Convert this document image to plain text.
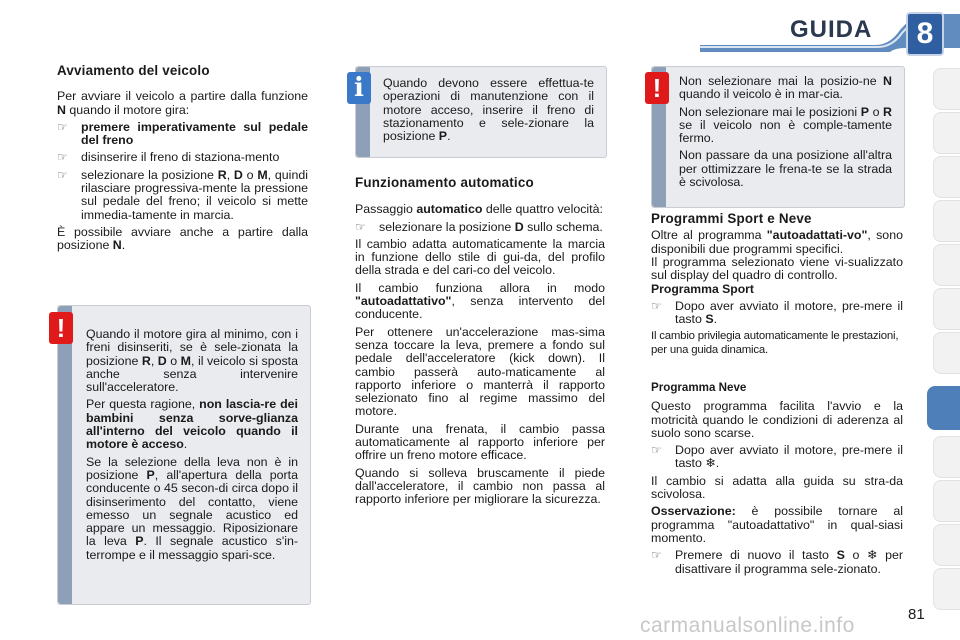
GUIDA	8
Avviamento del veicolo

Per avviare il veicolo a partire dalla funzione N quando il motore gira:

☞	premere imperativamente sul pedale del freno
☞	disinserire il freno di staziona-mento
☞	selezionare la posizione R, D o M, quindi rilasciare progressiva-mente la pressione sul pedale del freno; il veicolo si mette immedia-tamente in marcia.

È possibile avviare anche a partire dalla posizione N.

Quando il motore gira al minimo, con i freni disinseriti, se è sele-zionata la posizione R, D o M, il veicolo si sposta anche senza intervenire sull'acceleratore.

Per questa ragione, non lascia-re dei bambini senza sorve-glianza all'interno del veicolo quando il motore è acceso.

Se la selezione della leva non è in posizione P, all'apertura della porta conducente o 45 secon-di circa dopo il disinserimento del contatto, viene emesso un segnale acustico ed appare un messaggio. Riposizionare la leva P. Il segnale acustico s'in-terrompe e il messaggio spari-sce.

!

Quando devono essere effettua-te operazioni di manutenzione con il motore acceso, inserire il freno di stazionamento e sele-zionare la posizione P.

i
Funzionamento automatico

Passaggio automatico delle quattro velocità:

☞	selezionare la posizione D sullo schema.

Il cambio adatta automaticamente la marcia in funzione dello stile di gui-da, del profilo della strada e del cari-co del veicolo.

Il cambio funziona allora in modo "autoadattativo", senza intervento del conducente.

Per ottenere un'accelerazione mas-sima senza toccare la leva, premere a fondo sul pedale dell'acceleratore (kick down). Il cambio passerà auto-maticamente al rapporto inferiore o manterrà il rapporto selezionato fino al regime massimo del motore.

Durante una frenata, il cambio passa automaticamente al rapporto inferiore per offrire un freno motore efficace.

Quando si solleva bruscamente il piede dall'acceleratore, il cambio non passa al rapporto inferiore per migliorare la sicurezza.

Non selezionare mai la posizio-ne N quando il veicolo è in mar-cia.

Non selezionare mai le posizioni P o R se il veicolo non è comple-tamente fermo.

Non passare da una posizione all'altra per ottimizzare le frena-te se la strada è scivolosa.

!
Programmi Sport e Neve

Oltre al programma "autoadattati-vo", sono disponibili due programmi specifici.

Il programma selezionato viene vi-sualizzato sul display del quadro di controllo.

Programma Sport
☞	Dopo aver avviato il motore, pre-mere il tasto S.

Il cambio privilegia automaticamente le prestazioni, per una guida dinamica.

Programma Neve

Questo programma facilita l'avvio e la motricità quando le condizioni di aderenza al suolo sono scarse.

☞	Dopo aver avviato il motore, pre-mere il tasto ❄.

Il cambio si adatta alla guida su stra-da scivolosa.

Osservazione: è possibile tornare al programma "autoadattativo" in qual-siasi momento.

☞	Premere di nuovo il tasto S o ❄ per disattivare il programma sele-zionato.
81
carmanualsonline.info
